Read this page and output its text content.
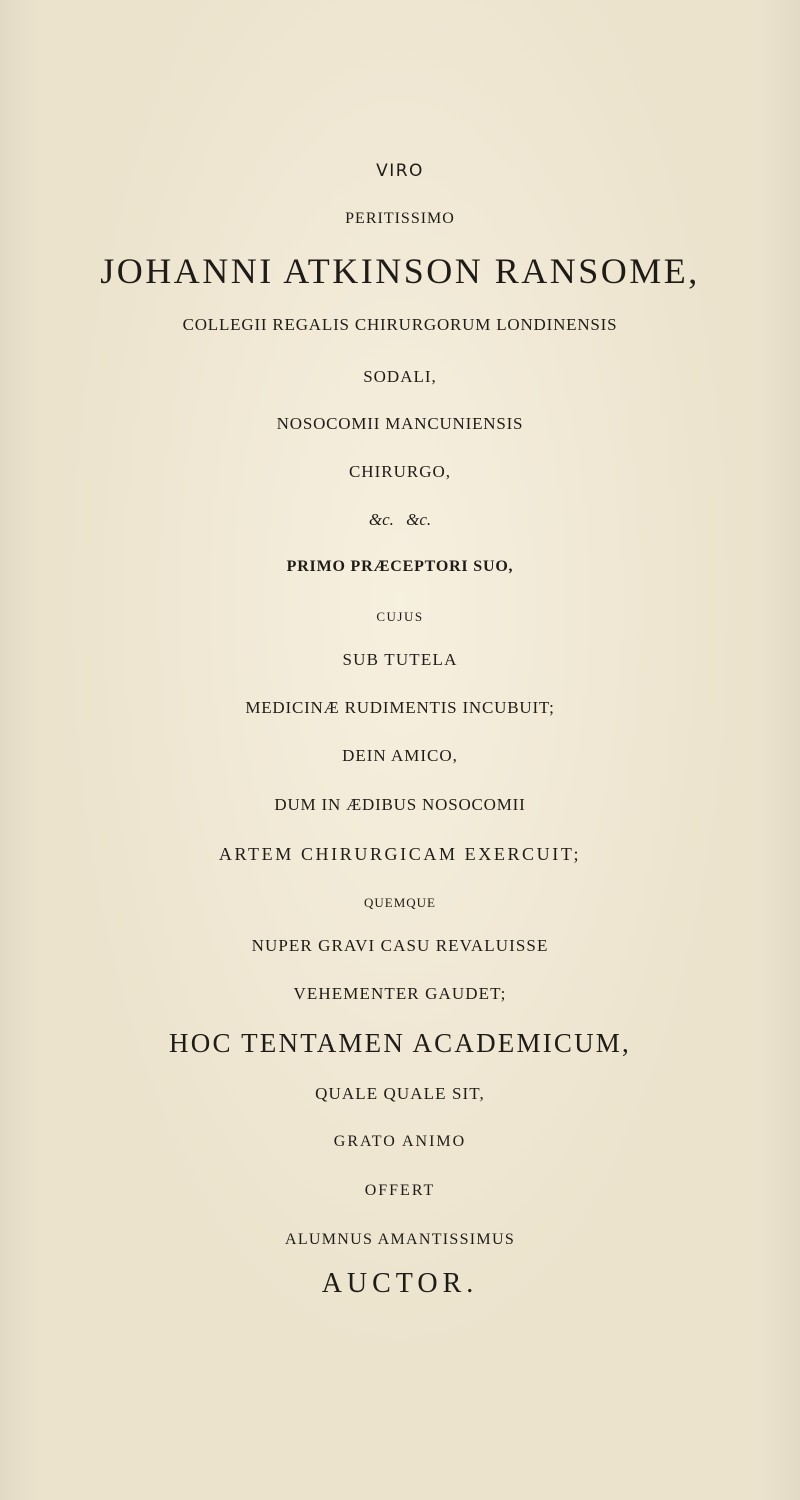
VIRO
PERITISSIMO
JOHANNI ATKINSON RANSOME,
COLLEGII REGALIS CHIRURGORUM LONDINENSIS
SODALI,
NOSOCOMII MANCUNIENSIS
CHIRURGO,
&c. &c.
PRIMO PRÆCEPTORI SUO,
CUJUS
SUB TUTELA
MEDICINÆ RUDIMENTIS INCUBUIT;
DEIN AMICO,
DUM IN ÆDIBUS NOSOCOMII
ARTEM CHIRURGICAM EXERCUIT;
QUEMQUE
NUPER GRAVI CASU REVALUISSE
VEHEMENTER GAUDET;
HOC TENTAMEN ACADEMICUM,
QUALE QUALE SIT,
GRATO ANIMO
OFFERT
ALUMNUS AMANTISSIMUS
AUCTOR.
